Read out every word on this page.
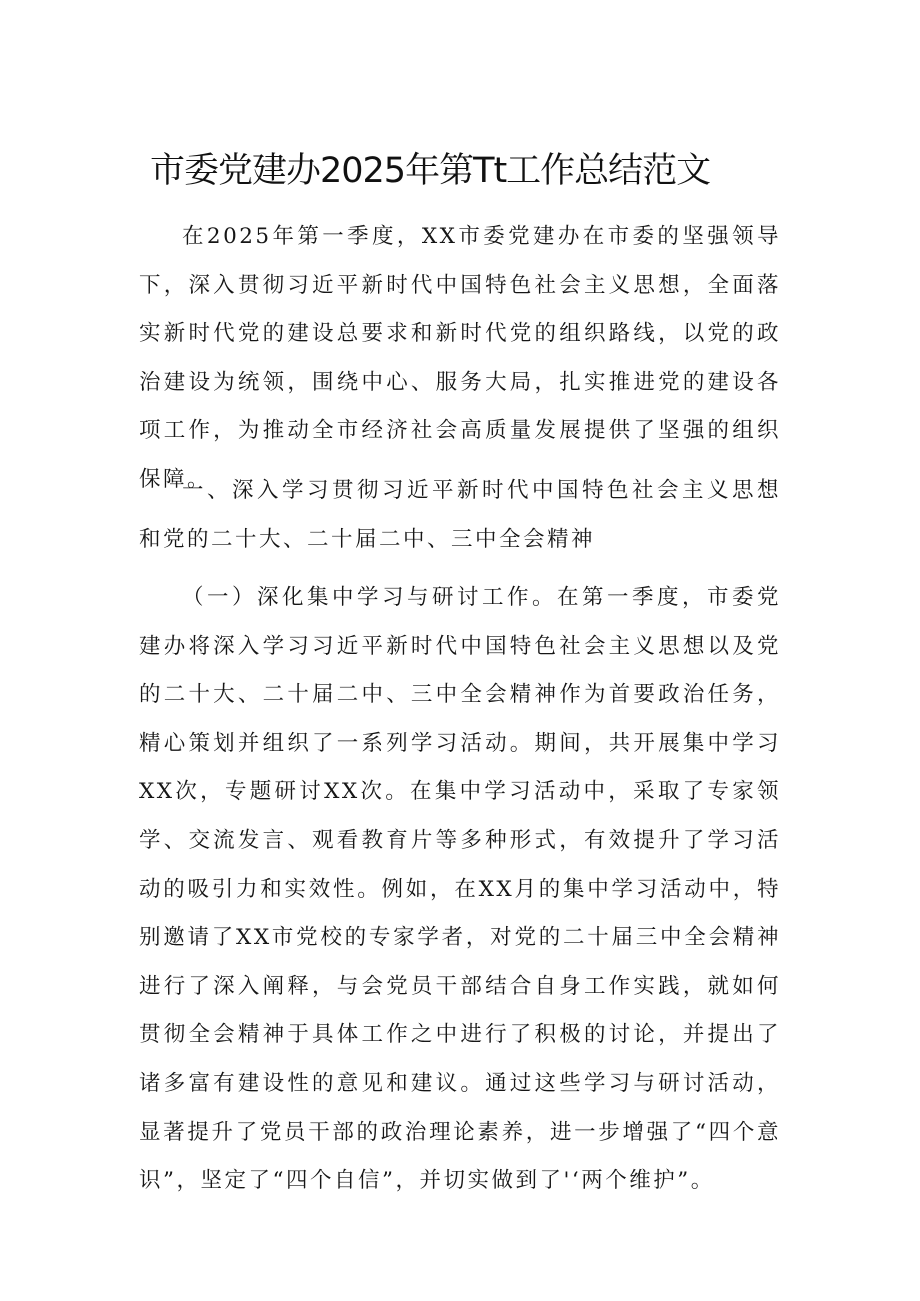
市委党建办2025年第Tt工作总结范文

在2025年第一季度，XX市委党建办在市委的坚强领导下，深入贯彻习近平新时代中国特色社会主义思想，全面落实新时代党的建设总要求和新时代党的组织路线，以党的政治建设为统领，围绕中心、服务大局，扎实推进党的建设各项工作，为推动全市经济社会高质量发展提供了坚强的组织保障。

一、深入学习贯彻习近平新时代中国特色社会主义思想和党的二十大、二十届二中、三中全会精神

（一）深化集中学习与研讨工作。在第一季度，市委党建办将深入学习习近平新时代中国特色社会主义思想以及党的二十大、二十届二中、三中全会精神作为首要政治任务，精心策划并组织了一系列学习活动。期间，共开展集中学习XX次，专题研讨XX次。在集中学习活动中，采取了专家领学、交流发言、观看教育片等多种形式，有效提升了学习活动的吸引力和实效性。例如，在XX月的集中学习活动中，特别邀请了XX市党校的专家学者，对党的二十届三中全会精神进行了深入阐释，与会党员干部结合自身工作实践，就如何贯彻全会精神于具体工作之中进行了积极的讨论，并提出了诸多富有建设性的意见和建议。通过这些学习与研讨活动，显著提升了党员干部的政治理论素养，进一步增强了“四个意识”，坚定了“四个自信”，并切实做到了'‘两个维护”。
